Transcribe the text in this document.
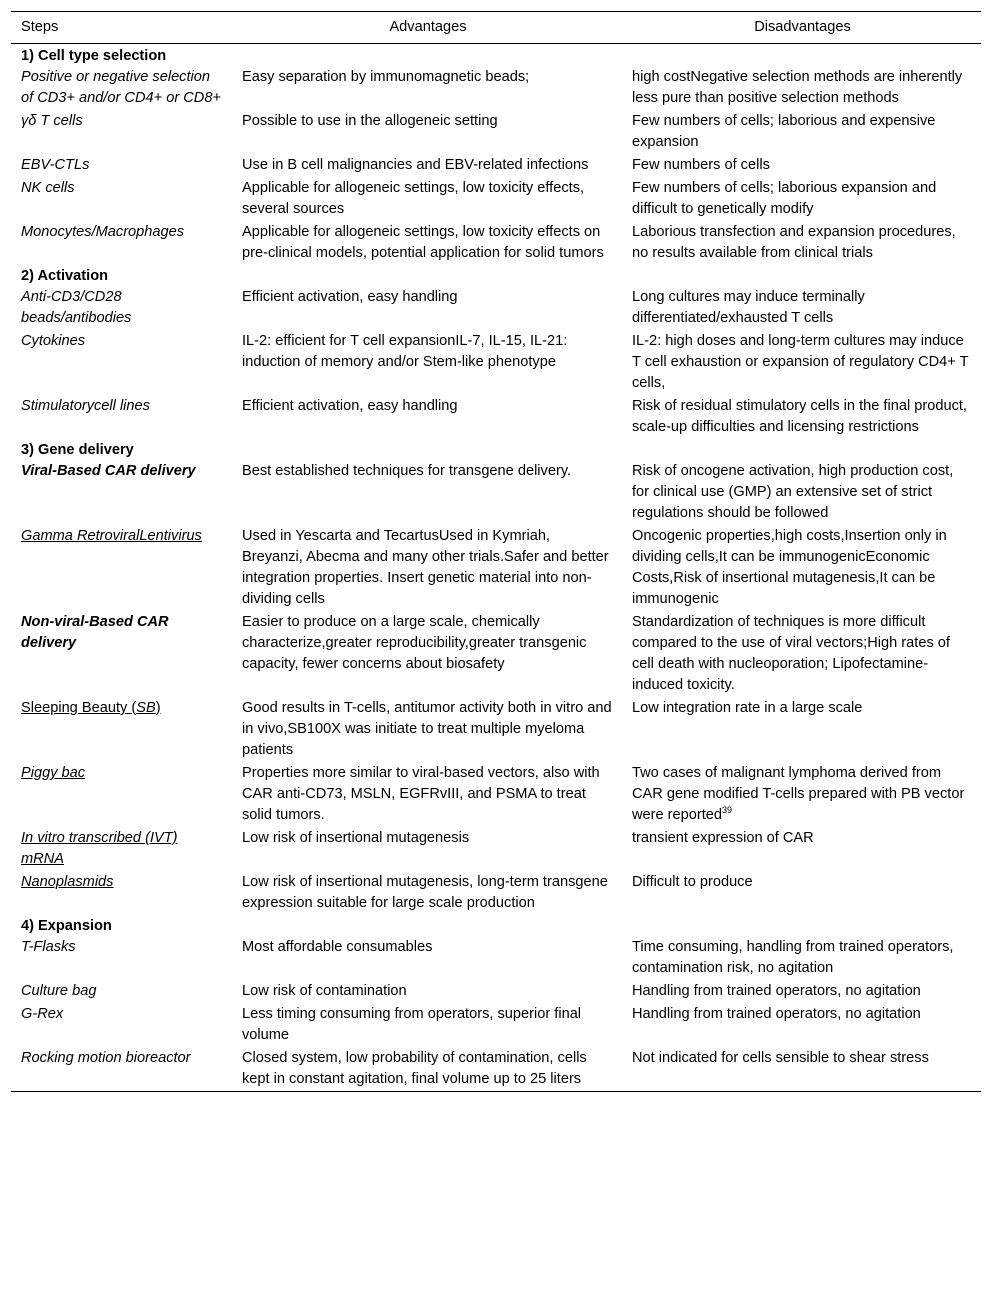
Steps	Advantages	Disadvantages
1) Cell type selection		
Positive or negative selection of CD3+ and/or CD4+ or CD8+	Easy separation by immunomagnetic beads;	high costNegative selection methods are inherently less pure than positive selection methods
γδ T cells	Possible to use in the allogeneic setting	Few numbers of cells; laborious and expensive expansion
EBV-CTLs	Use in B cell malignancies and EBV-related infections	Few numbers of cells
NK cells	Applicable for allogeneic settings, low toxicity effects, several sources	Few numbers of cells; laborious expansion and difficult to genetically modify
Monocytes/Macrophages	Applicable for allogeneic settings, low toxicity effects on pre-clinical models, potential application for solid tumors	Laborious transfection and expansion procedures, no results available from clinical trials
2) Activation		
Anti-CD3/CD28 beads/antibodies	Efficient activation, easy handling	Long cultures may induce terminally differentiated/exhausted T cells
Cytokines	IL-2: efficient for T cell expansionIL-7, IL-15, IL-21: induction of memory and/or Stem-like phenotype	IL-2: high doses and long-term cultures may induce T cell exhaustion or expansion of regulatory CD4+ T cells,
Stimulatorycell lines	Efficient activation, easy handling	Risk of residual stimulatory cells in the final product, scale-up difficulties and licensing restrictions
3) Gene delivery		
Viral-Based CAR delivery	Best established techniques for transgene delivery.	Risk of oncogene activation, high production cost, for clinical use (GMP) an extensive set of strict regulations should be followed
Gamma RetroviralLentivirus	Used in Yescarta and TecartusUsed in Kymriah, Breyanzi, Abecma and many other trials.Safer and better integration properties. Insert genetic material into non-dividing cells	Oncogenic properties,high costs,Insertion only in dividing cells,It can be immunogenicEconomic Costs,Risk of insertional mutagenesis,It can be immunogenic
Non-viral-Based CAR delivery	Easier to produce on a large scale, chemically characterize,greater reproducibility,greater transgenic capacity, fewer concerns about biosafety	Standardization of techniques is more difficult compared to the use of viral vectors;High rates of cell death with nucleoporation; Lipofectamine-induced toxicity.
Sleeping Beauty (SB)	Good results in T-cells, antitumor activity both in vitro and in vivo,SB100X was initiate to treat multiple myeloma patients	Low integration rate in a large scale
Piggy bac	Properties more similar to viral-based vectors, also with CAR anti-CD73, MSLN, EGFRvIII, and PSMA to treat solid tumors.	Two cases of malignant lymphoma derived from CAR gene modified T-cells prepared with PB vector were reported$^{39}$
In vitro transcribed (IVT) mRNA	Low risk of insertional mutagenesis	transient expression of CAR
Nanoplasmids	Low risk of insertional mutagenesis, long-term transgene expression suitable for large scale production	Difficult to produce
4) Expansion		
T-Flasks	Most affordable consumables	Time consuming, handling from trained operators, contamination risk, no agitation
Culture bag	Low risk of contamination	Handling from trained operators, no agitation
G-Rex	Less timing consuming from operators, superior final volume	Handling from trained operators, no agitation
Rocking motion bioreactor	Closed system, low probability of contamination, cells kept in constant agitation, final volume up to 25 liters	Not indicated for cells sensible to shear stress
